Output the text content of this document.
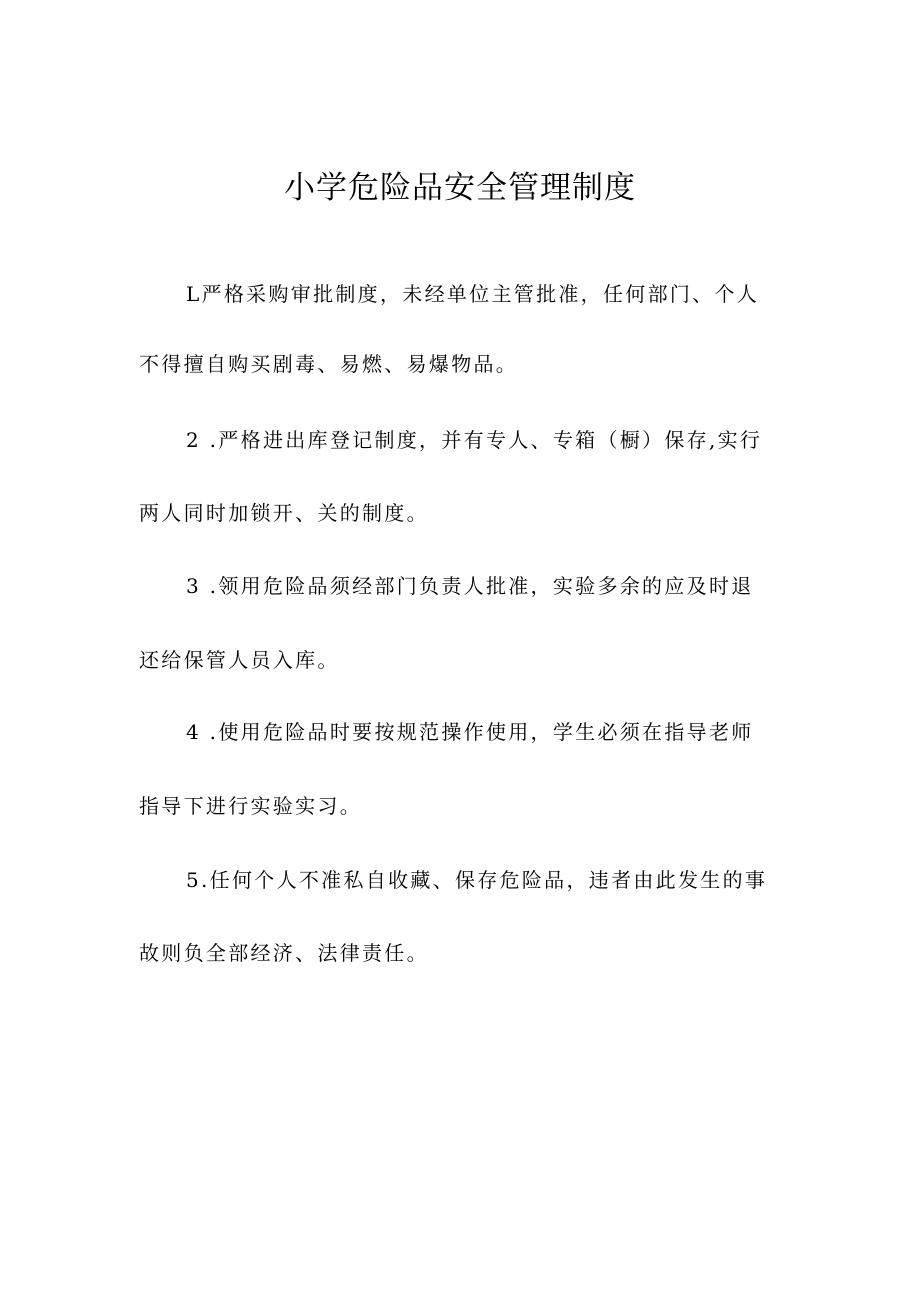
小学危险品安全管理制度
L严格采购审批制度，未经单位主管批准，任何部门、个人
不得擅自购买剧毒、易燃、易爆物品。
2 .严格进出库登记制度，并有专人、专箱（橱）保存,实行
两人同时加锁开、关的制度。
3 .领用危险品须经部门负责人批准，实验多余的应及时退
还给保管人员入库。
4 .使用危险品时要按规范操作使用，学生必须在指导老师
指导下进行实验实习。
5.任何个人不准私自收藏、保存危险品，违者由此发生的事
故则负全部经济、法律责任。
